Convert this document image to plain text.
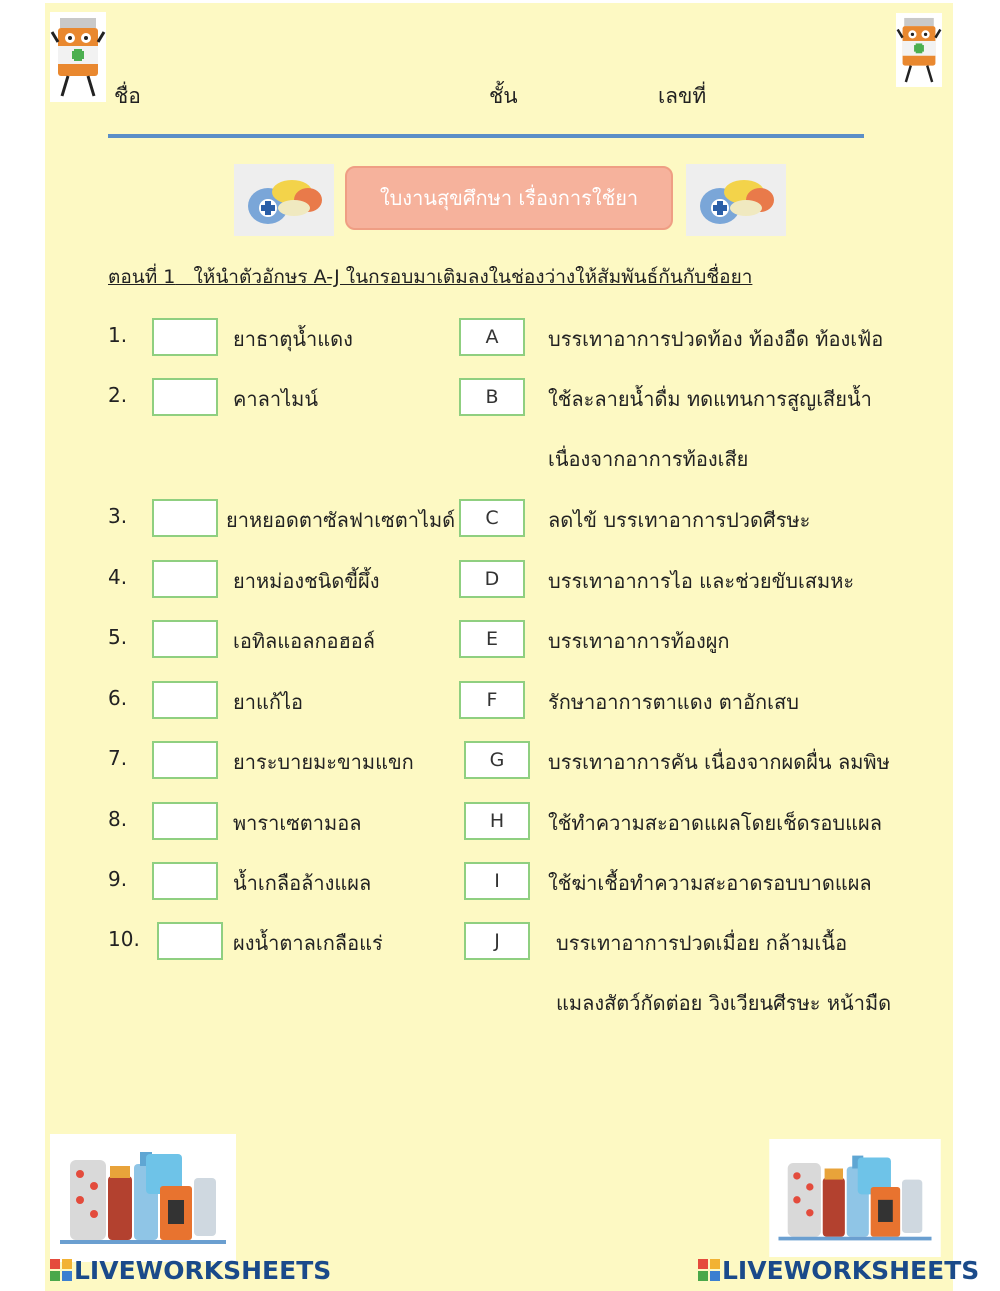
ชื่อ	ชั้น	เลขที่
ใบงานสุขศึกษา เรื่องการใช้ยา
ตอนที่ 1 ให้นำตัวอักษร A-J ในกรอบมาเติมลงในช่องว่างให้สัมพันธ์กันกับชื่อยา
1.	ยาธาตุน้ำแดง	A	บรรเทาอาการปวดท้อง ท้องอืด ท้องเฟ้อ
2.	คาลาไมน์	B	ใช้ละลายน้ำดื่ม ทดแทนการสูญเสียน้ำ
เนื่องจากอาการท้องเสีย
3.	ยาหยอดตาซัลฟาเซตาไมด์	C	ลดไข้ บรรเทาอาการปวดศีรษะ
4.	ยาหม่องชนิดขี้ผึ้ง	D	บรรเทาอาการไอ และช่วยขับเสมหะ
5.	เอทิลแอลกอฮอล์	E	บรรเทาอาการท้องผูก
6.	ยาแก้ไอ	F	รักษาอาการตาแดง ตาอักเสบ
7.	ยาระบายมะขามแขก	G	บรรเทาอาการคัน เนื่องจากผดผื่น ลมพิษ
8.	พาราเซตามอล	H	ใช้ทำความสะอาดแผลโดยเช็ดรอบแผล
9.	น้ำเกลือล้างแผล	I	ใช้ฆ่าเชื้อทำความสะอาดรอบบาดแผล
10.	ผงน้ำตาลเกลือแร่	J	บรรเทาอาการปวดเมื่อย กล้ามเนื้อ
แมลงสัตว์กัดต่อย วิงเวียนศีรษะ หน้ามืด
LIVEWORKSHEETS	LIVEWORKSHEETS
